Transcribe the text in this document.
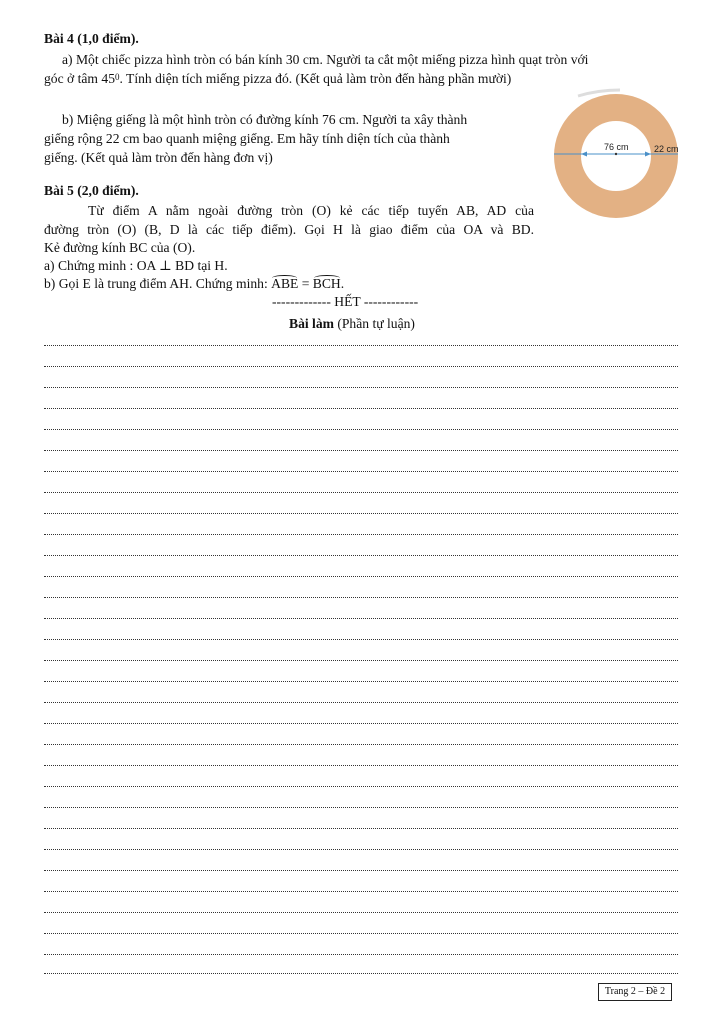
Bài 4 (1,0 điểm).
a) Một chiếc pizza hình tròn có bán kính 30 cm. Người ta cắt một miếng pizza hình quạt tròn với
góc ở tâm $45^0$. Tính diện tích miếng pizza đó. (Kết quả làm tròn đến hàng phần mười)
b) Miệng giếng là một hình tròn có đường kính 76 cm. Người ta xây thành
giếng rộng 22 cm bao quanh miệng giếng. Em hãy tính diện tích của thành
giếng. (Kết quả làm tròn đến hàng đơn vị)
76 cm	22 cm
Bài 5 (2,0 điểm).
Từ điểm A nằm ngoài đường tròn (O) kẻ các tiếp tuyến AB, AD của
đường tròn (O) (B, D là các tiếp điểm). Gọi H là giao điểm của OA và BD.
Kẻ đường kính BC của (O).
a) Chứng minh : OA ⊥ BD tại H.
b) Gọi E là trung điểm AH. Chứng minh: ABE = BCH.
------------- HẾT ------------
Bài làm (Phần tự luận)
Trang 2 – Đề 2
